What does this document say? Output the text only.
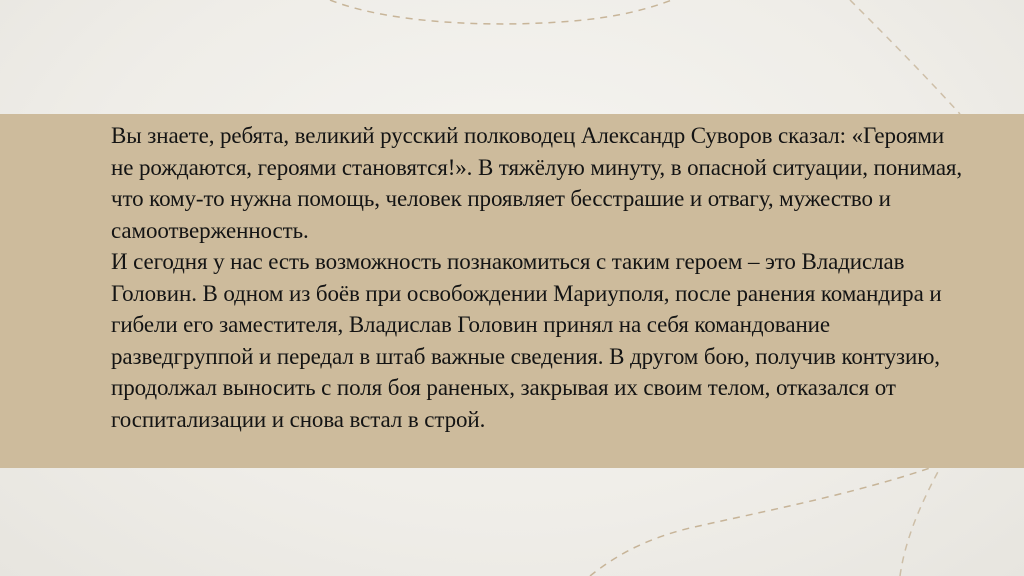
Вы знаете, ребята, великий русский полководец Александр Суворов сказал: «Героями не рождаются, героями становятся!». В тяжёлую минуту, в опасной ситуации, понимая, что кому-то нужна помощь, человек проявляет бесстрашие и отвагу, мужество и самоотверженность.

И сегодня у нас есть возможность познакомиться с таким героем – это Владислав Головин. В одном из боёв при освобождении Мариуполя, после ранения командира и гибели его заместителя, Владислав Головин принял на себя командование разведгруппой и передал в штаб важные сведения. В другом бою, получив контузию, продолжал выносить с поля боя раненых, закрывая их своим телом, отказался от госпитализации и снова встал в строй.
